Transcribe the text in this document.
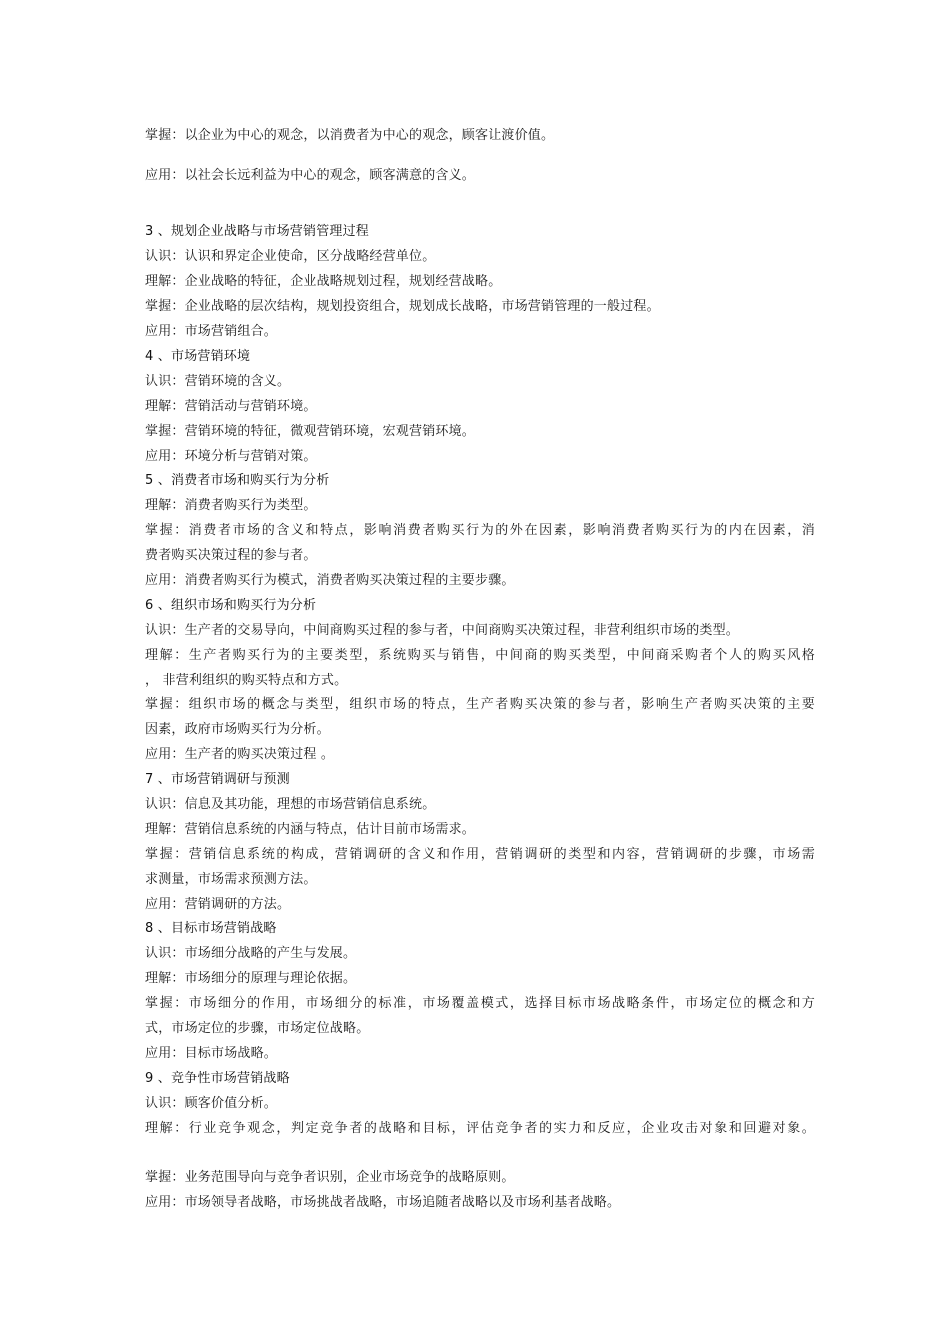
掌握：以企业为中心的观念，以消费者为中心的观念，顾客让渡价值。
应用：以社会长远利益为中心的观念，顾客满意的含义。
3 、规划企业战略与市场营销管理过程
认识：认识和界定企业使命，区分战略经营单位。
理解：企业战略的特征，企业战略规划过程，规划经营战略。
掌握：企业战略的层次结构，规划投资组合，规划成长战略，市场营销管理的一般过程。
应用：市场营销组合。
4 、市场营销环境
认识：营销环境的含义。
理解：营销活动与营销环境。
掌握：营销环境的特征，微观营销环境，宏观营销环境。
应用：环境分析与营销对策。
5 、消费者市场和购买行为分析
理解：消费者购买行为类型。
掌握：消费者市场的含义和特点，影响消费者购买行为的外在因素，影响消费者购买行为的内在因素，消
费者购买决策过程的参与者。
应用：消费者购买行为模式，消费者购买决策过程的主要步骤。
6 、组织市场和购买行为分析
认识：生产者的交易导向，中间商购买过程的参与者，中间商购买决策过程，非营利组织市场的类型。
理解：生产者购买行为的主要类型，系统购买与销售，中间商的购买类型，中间商采购者个人的购买风格
， 非营利组织的购买特点和方式。
掌握：组织市场的概念与类型，组织市场的特点，生产者购买决策的参与者，影响生产者购买决策的主要
因素，政府市场购买行为分析。
应用：生产者的购买决策过程 。
7 、市场营销调研与预测
认识：信息及其功能，理想的市场营销信息系统。
理解：营销信息系统的内涵与特点，估计目前市场需求。
掌握：营销信息系统的构成，营销调研的含义和作用，营销调研的类型和内容，营销调研的步骤，市场需
求测量，市场需求预测方法。
应用：营销调研的方法。
8 、目标市场营销战略
认识：市场细分战略的产生与发展。
理解：市场细分的原理与理论依据。
掌握：市场细分的作用，市场细分的标准，市场覆盖模式，选择目标市场战略条件，市场定位的概念和方
式，市场定位的步骤，市场定位战略。
应用：目标市场战略。
9 、竞争性市场营销战略
认识：顾客价值分析。
理解：行业竞争观念，判定竞争者的战略和目标，评估竞争者的实力和反应，企业攻击对象和回避对象。
掌握：业务范围导向与竞争者识别，企业市场竞争的战略原则。
应用：市场领导者战略，市场挑战者战略，市场追随者战略以及市场利基者战略。
